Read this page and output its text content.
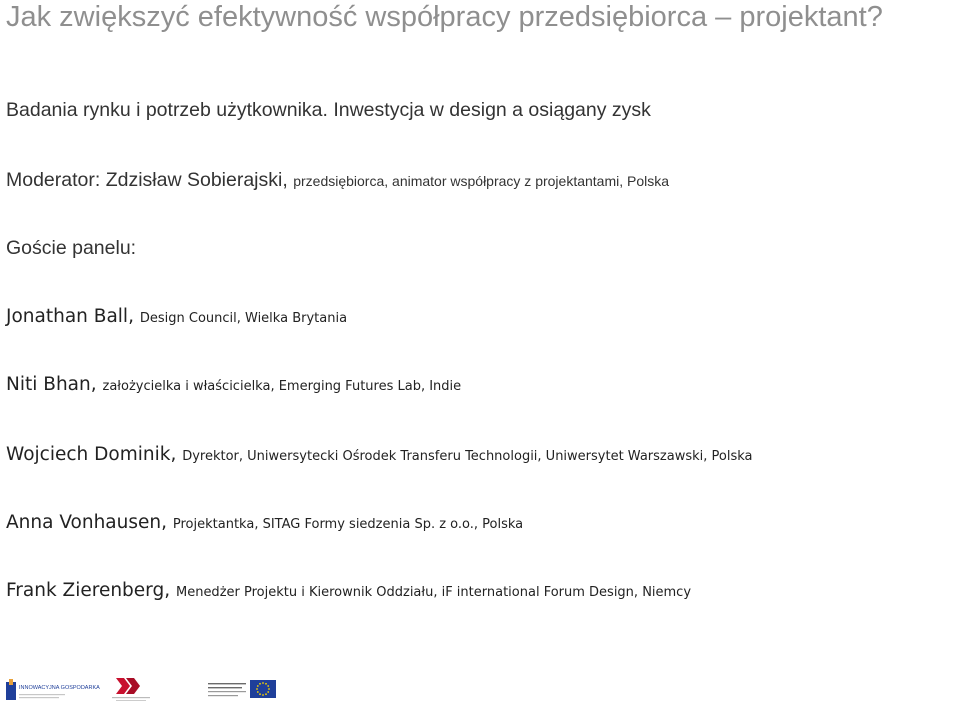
Jak zwiększyć efektywność współpracy przedsiębiorca – projektant?
Badania rynku i potrzeb użytkownika. Inwestycja w design a osiągany zysk
Moderator: Zdzisław Sobierajski, przedsiębiorca, animator współpracy z projektantami, Polska
Goście panelu:
Jonathan Ball, Design Council, Wielka Brytania
Niti Bhan, założycielka i właścicielka, Emerging Futures Lab, Indie
Wojciech Dominik, Dyrektor, Uniwersytecki Ośrodek Transferu Technologii, Uniwersytet Warszawski, Polska
Anna Vonhausen, Projektantka, SITAG Formy siedzenia Sp. z o.o., Polska
Frank Zierenberg, Menedżer Projektu i Kierownik Oddziału, iF international Forum Design, Niemcy
INNOWACYJNA GOSPODARKA
